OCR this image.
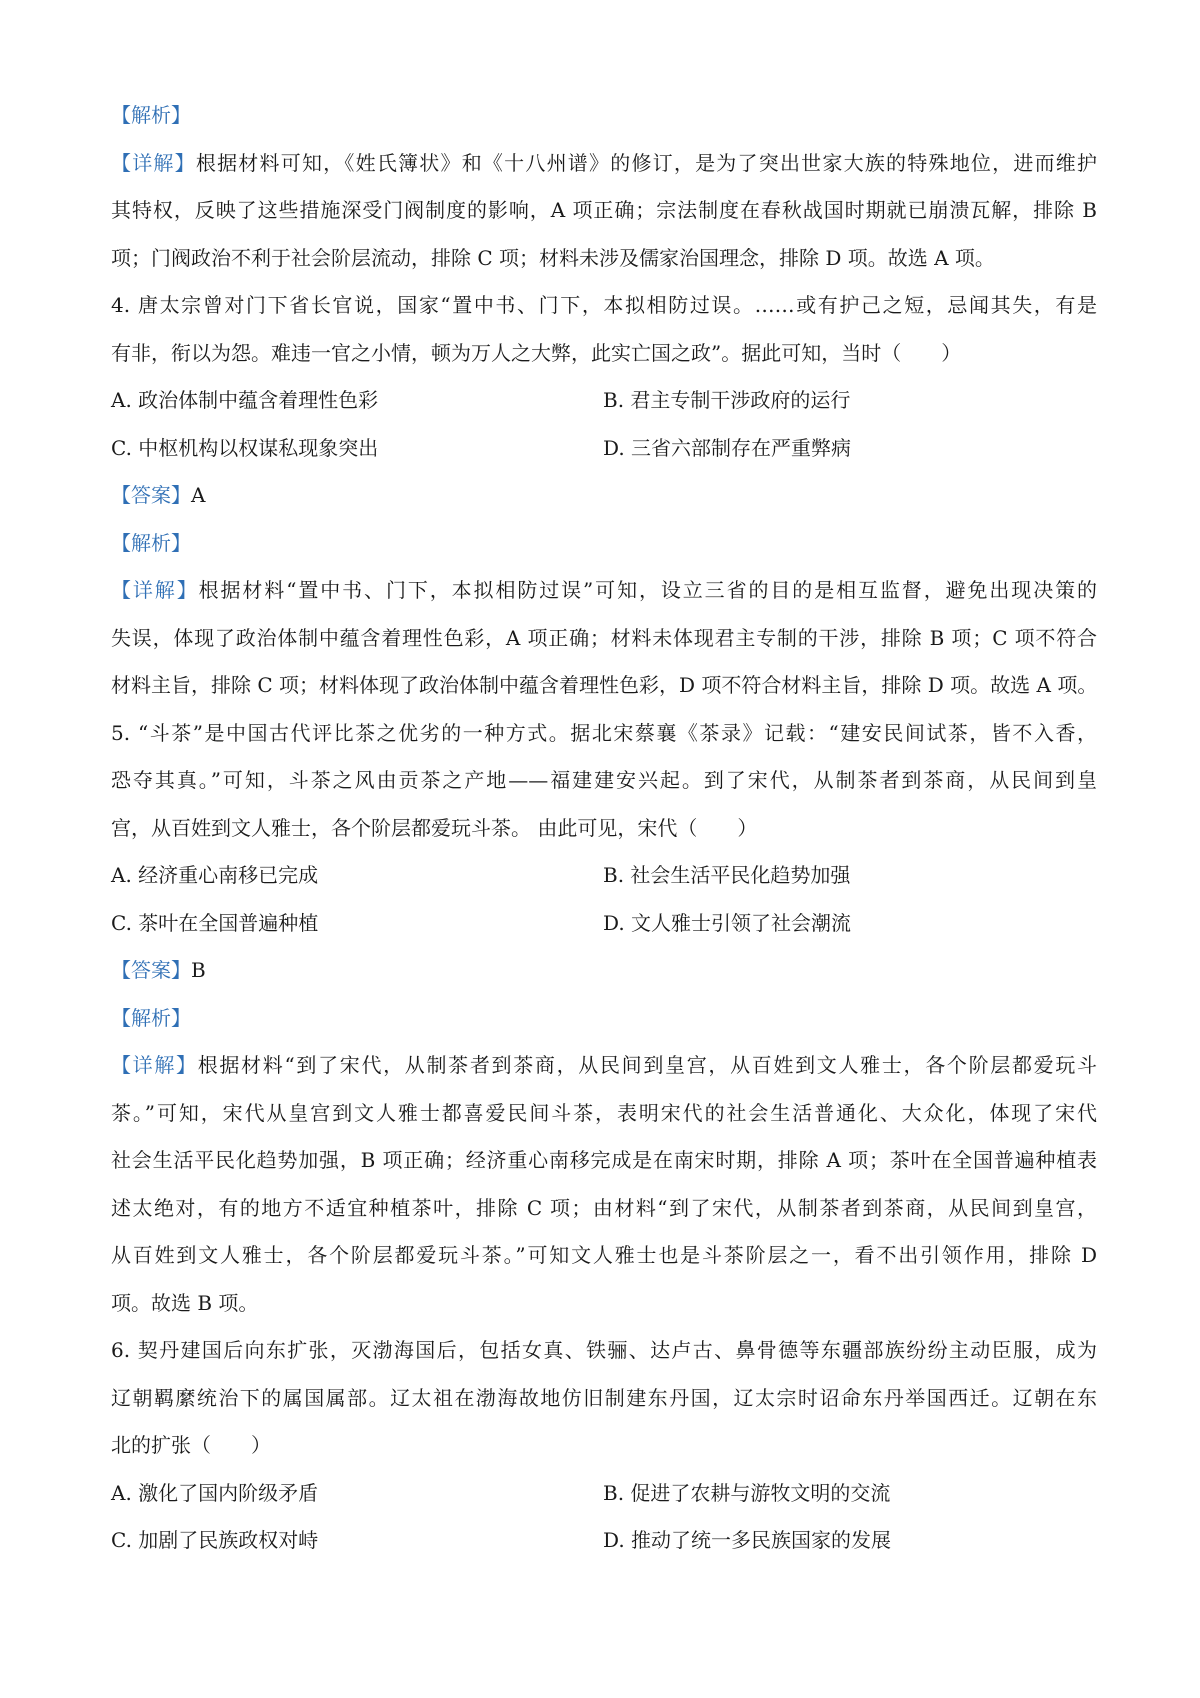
【解析】
【详解】根据材料可知，《姓氏簿状》和《十八州谱》的修订，是为了突出世家大族的特殊地位，进而维护
其特权，反映了这些措施深受门阀制度的影响，A 项正确；宗法制度在春秋战国时期就已崩溃瓦解，排除 B
项；门阀政治不利于社会阶层流动，排除 C 项；材料未涉及儒家治国理念，排除 D 项。故选 A 项。
4. 唐太宗曾对门下省长官说，国家“置中书、门下，本拟相防过误。……或有护己之短，忌闻其失，有是
有非，衔以为怨。难违一官之小情，顿为万人之大弊，此实亡国之政”。据此可知，当时（　　）
A. 政治体制中蕴含着理性色彩	B. 君主专制干涉政府的运行
C. 中枢机构以权谋私现象突出	D. 三省六部制存在严重弊病
【答案】A
【解析】
【详解】根据材料“置中书、门下，本拟相防过误”可知，设立三省的目的是相互监督，避免出现决策的
失误，体现了政治体制中蕴含着理性色彩，A 项正确；材料未体现君主专制的干涉，排除 B 项；C 项不符合
材料主旨，排除 C 项；材料体现了政治体制中蕴含着理性色彩，D 项不符合材料主旨，排除 D 项。故选 A 项。
5. “斗茶”是中国古代评比茶之优劣的一种方式。据北宋蔡襄《茶录》记载：“建安民间试茶，皆不入香，
恐夺其真。”可知，斗茶之风由贡茶之产地——福建建安兴起。到了宋代，从制茶者到茶商，从民间到皇
宫，从百姓到文人雅士，各个阶层都爱玩斗茶。 由此可见，宋代（　　）
A. 经济重心南移已完成	B. 社会生活平民化趋势加强
C. 茶叶在全国普遍种植	D. 文人雅士引领了社会潮流
【答案】B
【解析】
【详解】根据材料“到了宋代，从制茶者到茶商，从民间到皇宫，从百姓到文人雅士，各个阶层都爱玩斗
茶。”可知，宋代从皇宫到文人雅士都喜爱民间斗茶，表明宋代的社会生活普通化、大众化，体现了宋代
社会生活平民化趋势加强，B 项正确；经济重心南移完成是在南宋时期，排除 A 项；茶叶在全国普遍种植表
述太绝对，有的地方不适宜种植茶叶，排除 C 项；由材料“到了宋代，从制茶者到茶商，从民间到皇宫，
从百姓到文人雅士，各个阶层都爱玩斗茶。”可知文人雅士也是斗茶阶层之一，看不出引领作用，排除 D
项。故选 B 项。
6. 契丹建国后向东扩张，灭渤海国后，包括女真、铁骊、达卢古、鼻骨德等东疆部族纷纷主动臣服，成为
辽朝羁縻统治下的属国属部。辽太祖在渤海故地仿旧制建东丹国，辽太宗时诏命东丹举国西迁。辽朝在东
北的扩张（　　）
A. 激化了国内阶级矛盾	B. 促进了农耕与游牧文明的交流
C. 加剧了民族政权对峙	D. 推动了统一多民族国家的发展
